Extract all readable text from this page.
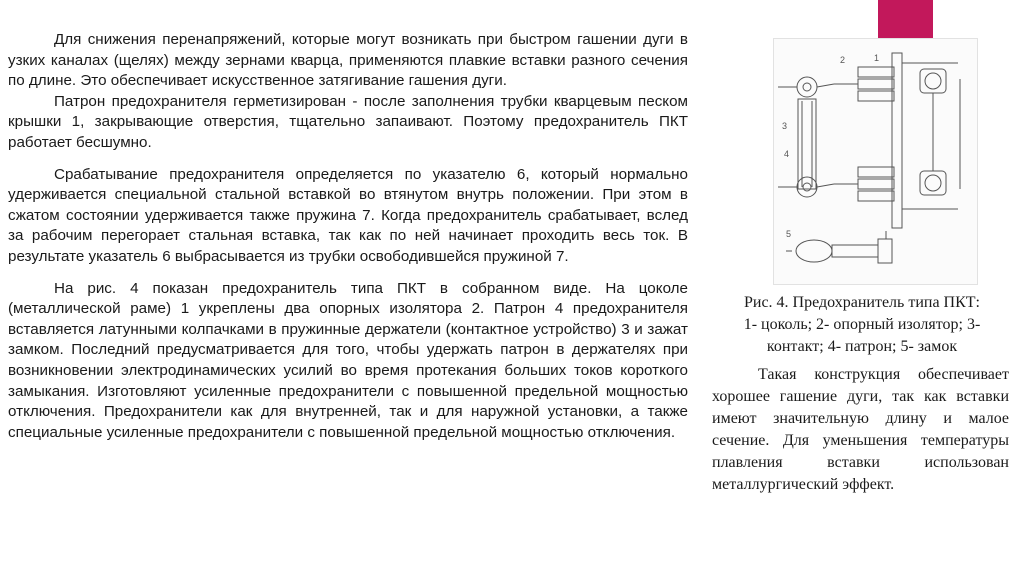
Для снижения перенапряжений, которые могут возникать при быстром гашении дуги в узких каналах (щелях) между зернами кварца, применяются плавкие вставки разного сечения по длине. Это обеспечивает искусственное затягивание гашения дуги.

Патрон предохранителя герметизирован - после заполнения трубки кварцевым песком крышки 1, закрывающие отверстия, тщательно запаивают. Поэтому предохранитель ПКТ работает бесшумно.

Срабатывание предохранителя определяется по указателю 6, который нормально удерживается специальной стальной вставкой во втянутом внутрь положении. При этом в сжатом состоянии удерживается также пружина 7. Когда предохранитель срабатывает, вслед за рабочим перегорает стальная вставка, так как по ней начинает проходить весь ток. В результате указатель 6 выбрасывается из трубки освободившейся пружиной 7.

На рис. 4 показан предохранитель типа ПКТ в собранном виде. На цоколе (металлической раме) 1 укреплены два опорных изолятора 2. Патрон 4 предохранителя вставляется латунными колпачками в пружинные держатели (контактное устройство) 3 и зажат замком. Последний предусматривается для того, чтобы удержать патрон в держателях при возникновении электродинамических усилий во время протекания больших токов короткого замыкания. Изготовляют усиленные предохранители с повышенной предельной мощностью отключения. Предохранители как для внутренней, так и для наружной установки, а также специальные усиленные предохранители с повышенной предельной мощностью отключения.

1
2
3
4
5
Рис. 4. Предохранитель типа ПКТ:
1- цоколь; 2- опорный изолятор; 3-
контакт; 4- патрон; 5- замок

Такая конструкция обеспечивает хорошее гашение дуги, так как вставки имеют значительную длину и малое сечение. Для уменьшения температуры плавления вставки использован металлургический эффект.
